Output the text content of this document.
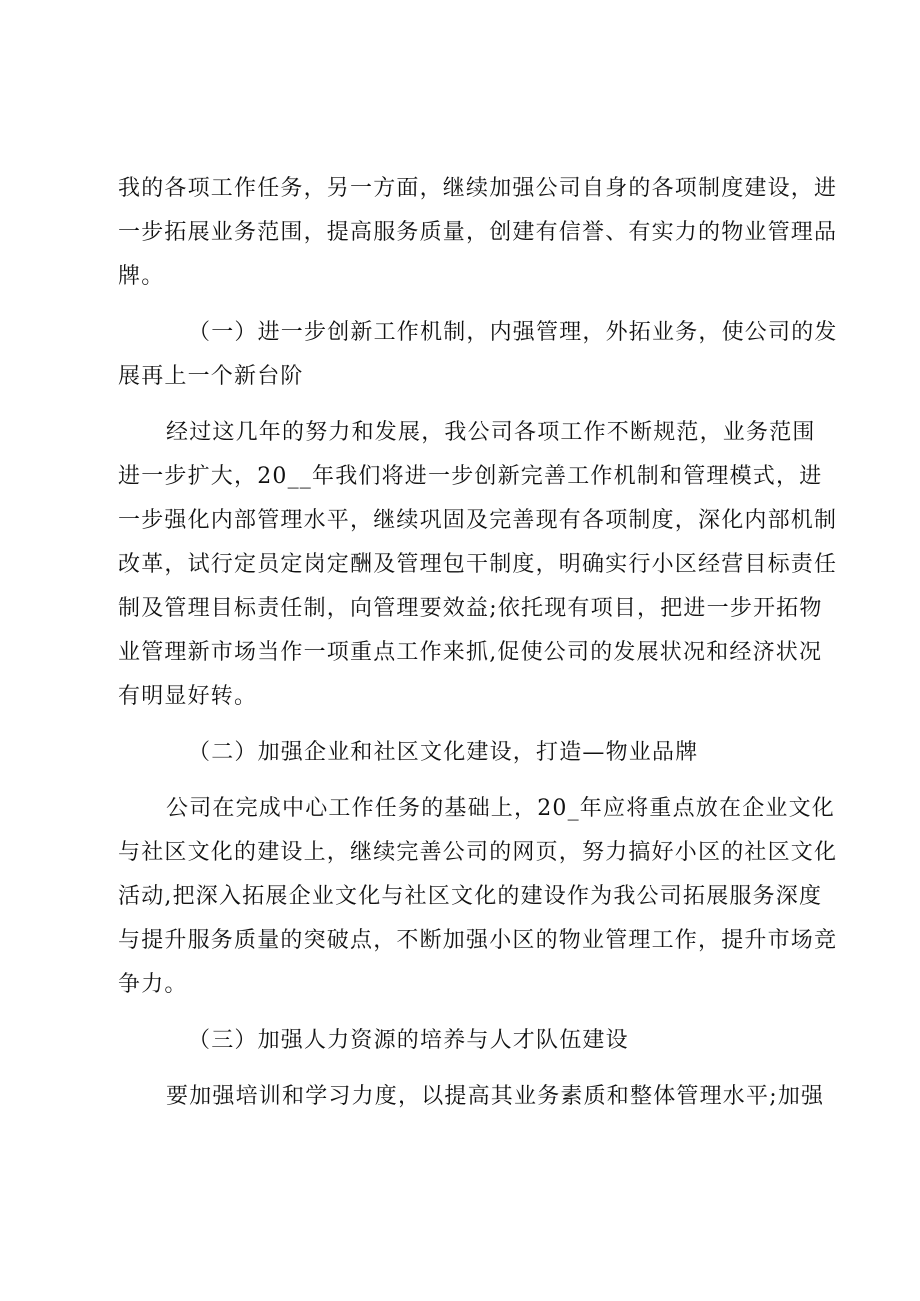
我的各项工作任务，另一方面，继续加强公司自身的各项制度建设，进
一步拓展业务范围，提高服务质量，创建有信誉、有实力的物业管理品
牌。
（一）进一步创新工作机制，内强管理，外拓业务，使公司的发
展再上一个新台阶
经过这几年的努力和发展，我公司各项工作不断规范，业务范围
进一步扩大，20__年我们将进一步创新完善工作机制和管理模式，进
一步强化内部管理水平，继续巩固及完善现有各项制度，深化内部机制
改革，试行定员定岗定酬及管理包干制度，明确实行小区经营目标责任
制及管理目标责任制，向管理要效益;依托现有项目，把进一步开拓物
业管理新市场当作一项重点工作来抓,促使公司的发展状况和经济状况
有明显好转。
（二）加强企业和社区文化建设，打造—物业品牌
公司在完成中心工作任务的基础上，20_年应将重点放在企业文化
与社区文化的建设上，继续完善公司的网页，努力搞好小区的社区文化
活动,把深入拓展企业文化与社区文化的建设作为我公司拓展服务深度
与提升服务质量的突破点，不断加强小区的物业管理工作，提升市场竞
争力。
（三）加强人力资源的培养与人才队伍建设
要加强培训和学习力度，以提高其业务素质和整体管理水平;加强
